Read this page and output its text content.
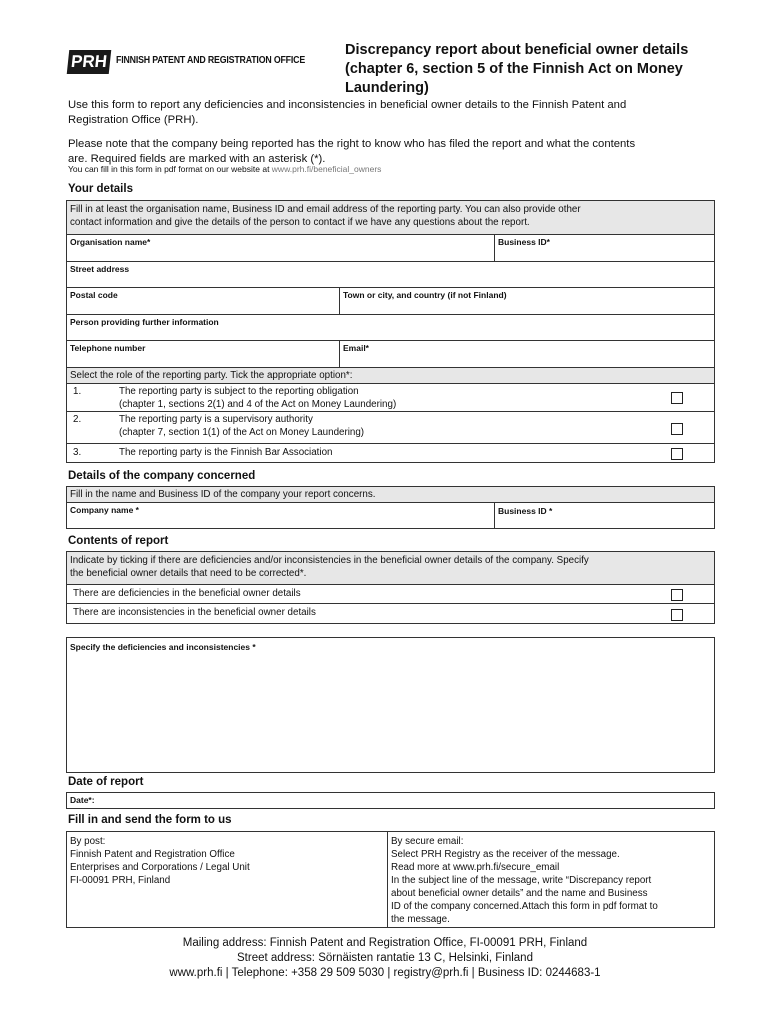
PRH FINNISH PATENT AND REGISTRATION OFFICE
Discrepancy report about beneficial owner details
(chapter 6, section 5 of the Finnish Act on Money
Laundering)
Use this form to report any deficiencies and inconsistencies in beneficial owner details to the Finnish Patent and
Registration Office (PRH).
Please note that the company being reported has the right to know who has filed the report and what the contents
are. Required fields are marked with an asterisk (*).
You can fill in this form in pdf format on our website at www.prh.fi/beneficial_owners
Your details
Fill in at least the organisation name, Business ID and email address of the reporting party. You can also provide other
contact information and give the details of the person to contact if we have any questions about the report.
Organisation name*	Business ID*
Street address
Postal code	Town or city, and country (if not Finland)
Person providing further information
Telephone number	Email*
Select the role of the reporting party. Tick the appropriate option*:
1.	The reporting party is subject to the reporting obligation
(chapter 1, sections 2(1) and 4 of the Act on Money Laundering)
2.	The reporting party is a supervisory authority
(chapter 7, section 1(1) of the Act on Money Laundering)
3.	The reporting party is the Finnish Bar Association
Details of the company concerned
Fill in the name and Business ID of the company your report concerns.
Company name *	Business ID *
Contents of report
Indicate by ticking if there are deficiencies and/or inconsistencies in the beneficial owner details of the company. Specify
the beneficial owner details that need to be corrected*.
There are deficiencies in the beneficial owner details
There are inconsistencies in the beneficial owner details
Specify the deficiencies and inconsistencies *
Date of report
Date*:
Fill in and send the form to us
By post:
Finnish Patent and Registration Office
Enterprises and Corporations / Legal Unit
FI-00091 PRH, Finland
By secure email:
Select PRH Registry as the receiver of the message.
Read more at www.prh.fi/secure_email
In the subject line of the message, write “Discrepancy report
about beneficial owner details” and the name and Business
ID of the company concerned.Attach this form in pdf format to
the message.
Mailing address: Finnish Patent and Registration Office, FI-00091 PRH, Finland
Street address: Sörnäisten rantatie 13 C, Helsinki, Finland
www.prh.fi | Telephone: +358 29 509 5030 | registry@prh.fi | Business ID: 0244683-1
